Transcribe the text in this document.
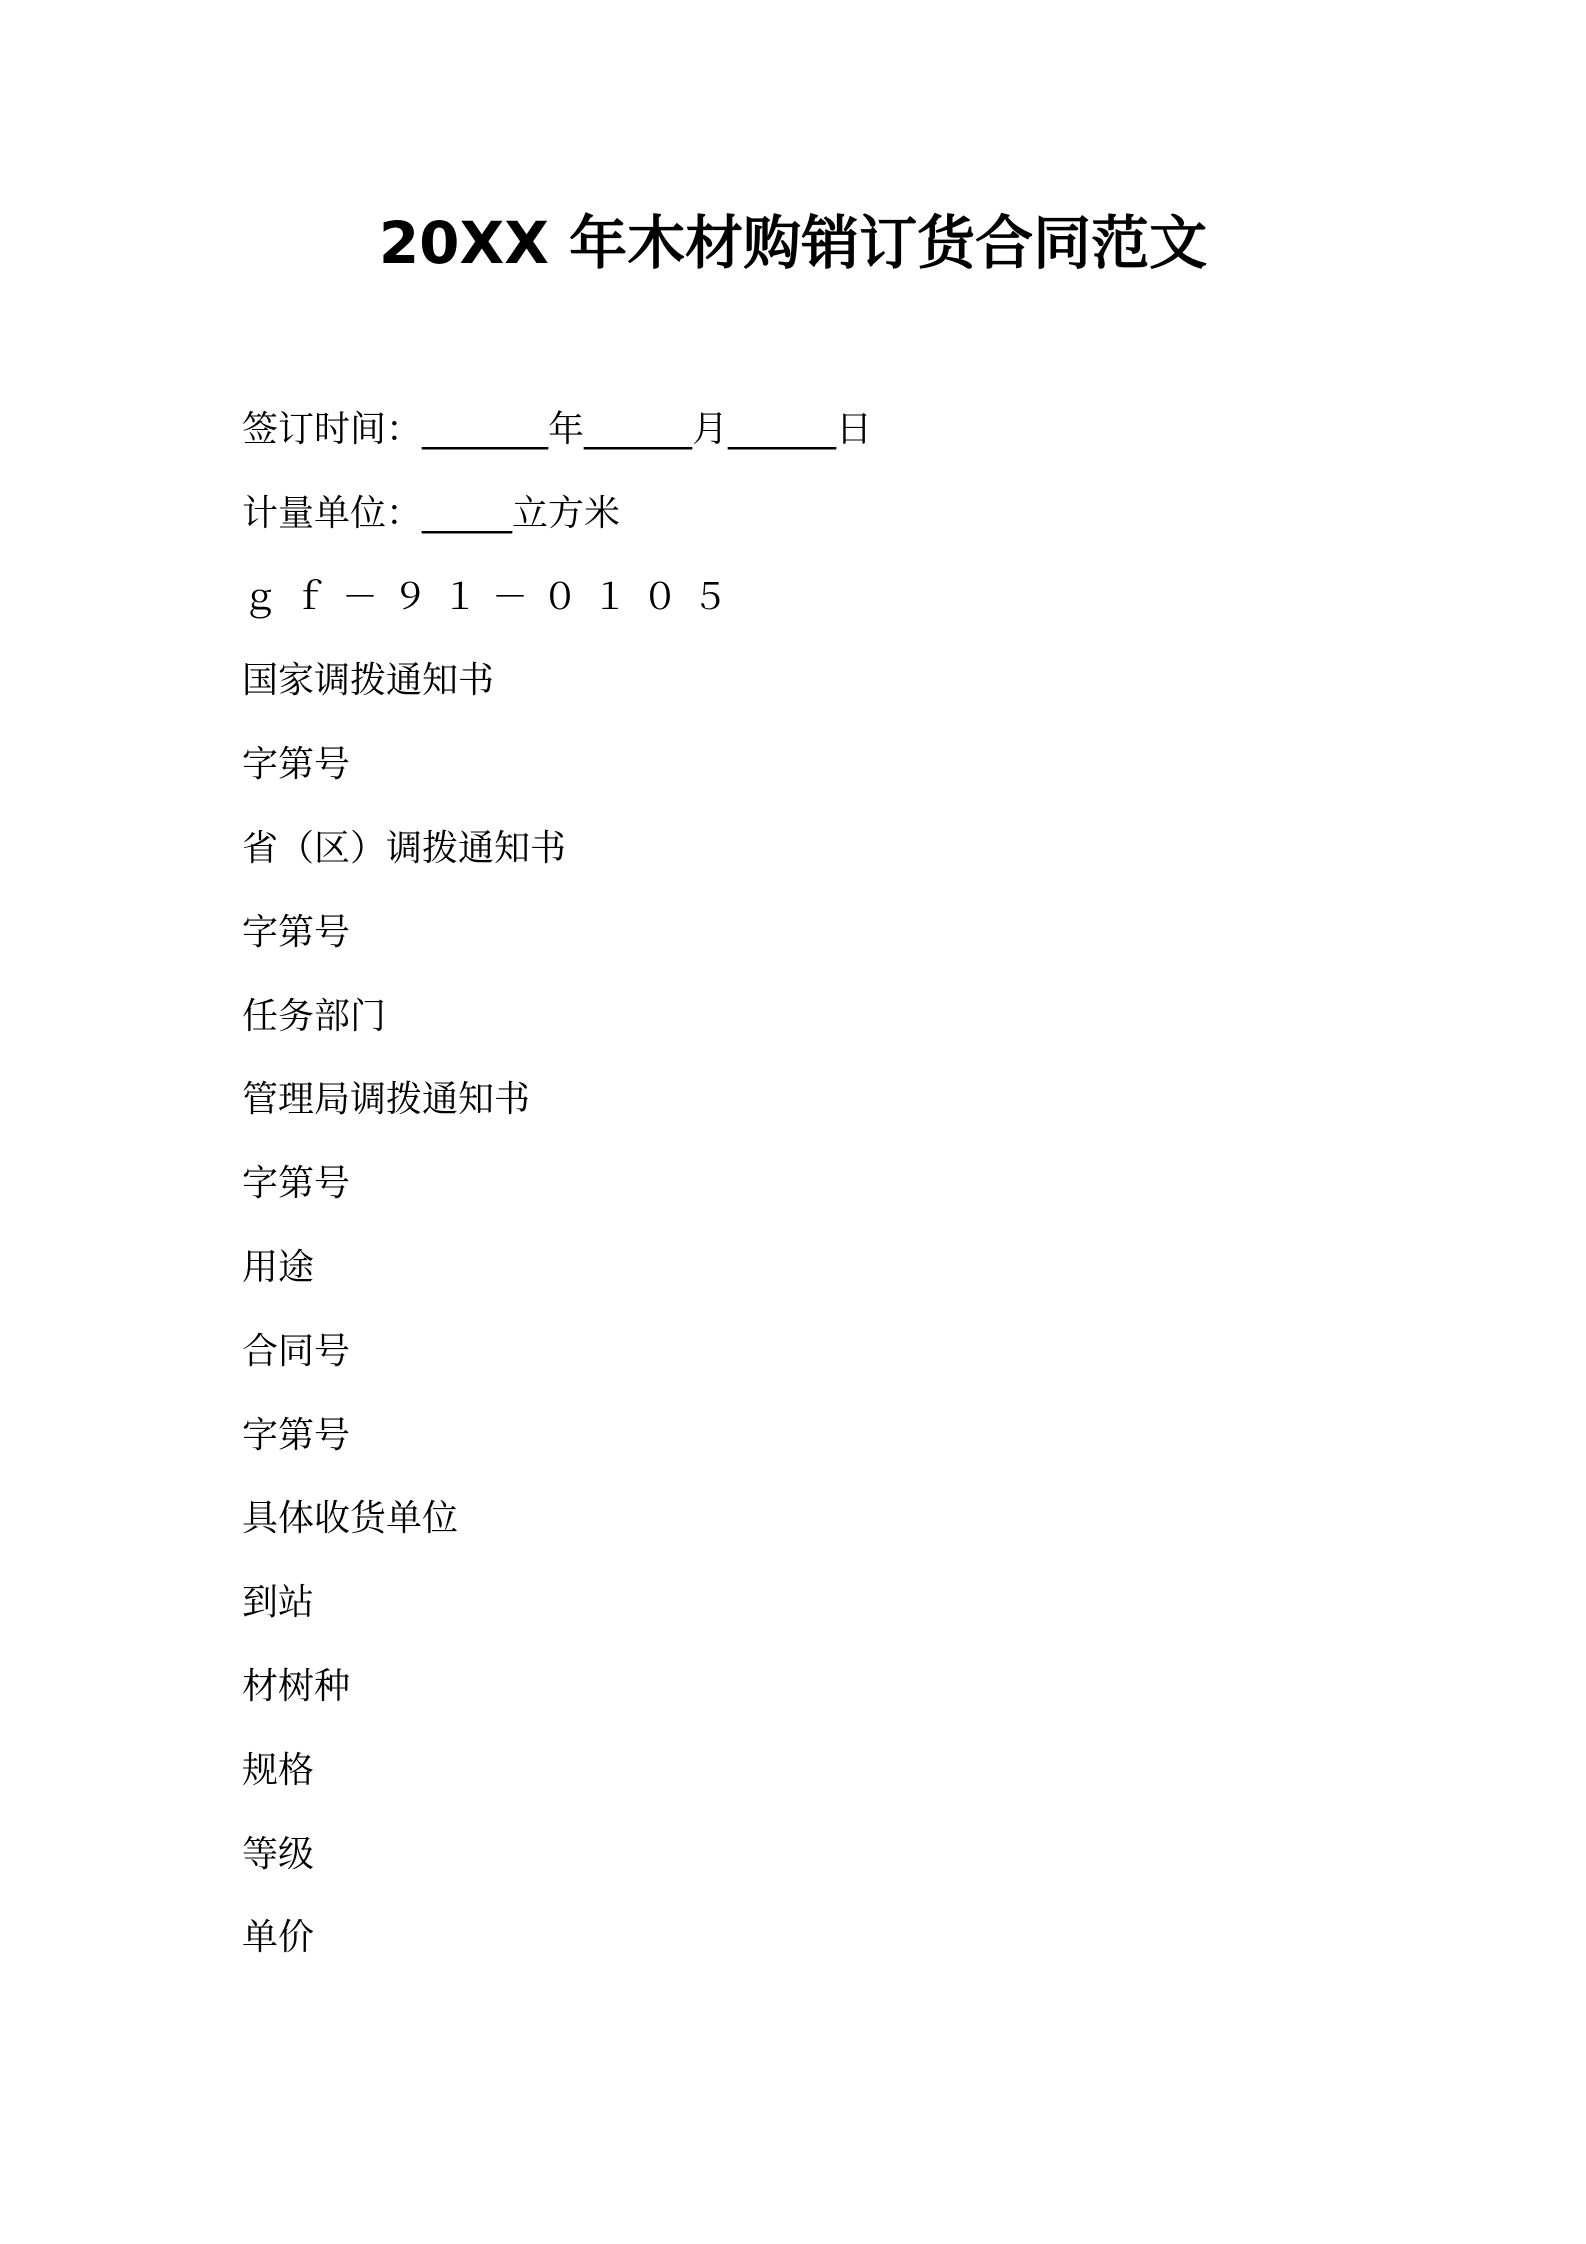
20XX 年木材购销订货合同范文
签订时间：_______年______月______日
计量单位：_____立方米
ｇｆ－９１－０１０５
国家调拨通知书
字第号
省（区）调拨通知书
字第号
任务部门
管理局调拨通知书
字第号
用途
合同号
字第号
具体收货单位
到站
材树种
规格
等级
单价
